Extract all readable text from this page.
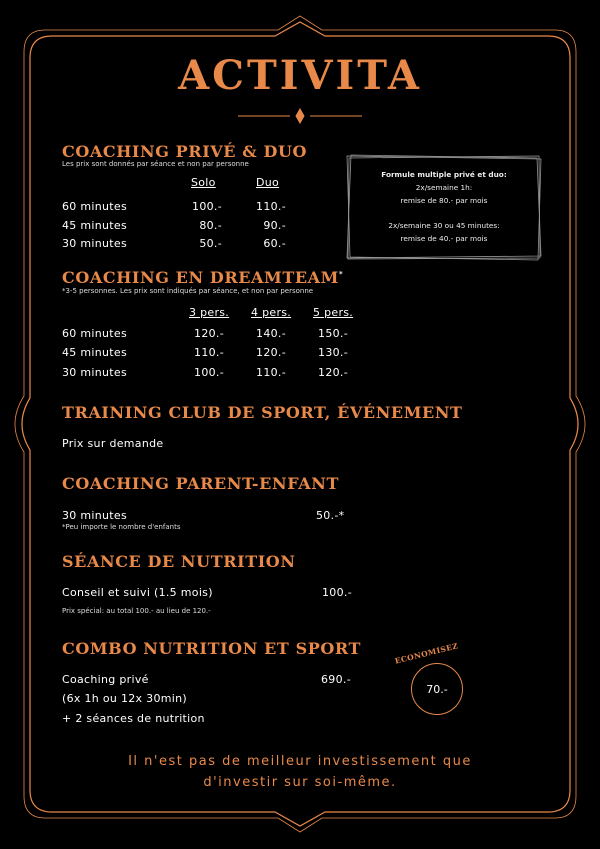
ACTIVITA
COACHING PRIVÉ & DUO
Les prix sont donnés par séance et non par personne
Solo	Duo
60 minutes	100.-	110.-
45 minutes	80.-	90.-
30 minutes	50.-	60.-
Formule multiple privé et duo:
2x/semaine 1h:
remise de 80.- par mois
2x/semaine 30 ou 45 minutes:
remise de 40.- par mois
COACHING EN DREAMTEAM*
*3-5 personnes. Les prix sont indiqués par séance, et non par personne
3 pers. 4 pers. 5 pers.
60 minutes	120.-	140.-	150.-
45 minutes	110.-	120.-	130.-
30 minutes	100.-	110.-	120.-
TRAINING CLUB DE SPORT, ÉVÉNEMENT
Prix sur demande
COACHING PARENT-ENFANT
30 minutes	50.-*
*Peu importe le nombre d'enfants
SÉANCE DE NUTRITION
Conseil et suivi (1.5 mois)	100.-
Prix spécial: au total 100.- au lieu de 120.-
COMBO NUTRITION ET SPORT
Coaching privé
(6x 1h ou 12x 30min)
+ 2 séances de nutrition
690.-
ECONOMISEZ
70.-
Il n'est pas de meilleur investissement que
d'investir sur soi-même.
